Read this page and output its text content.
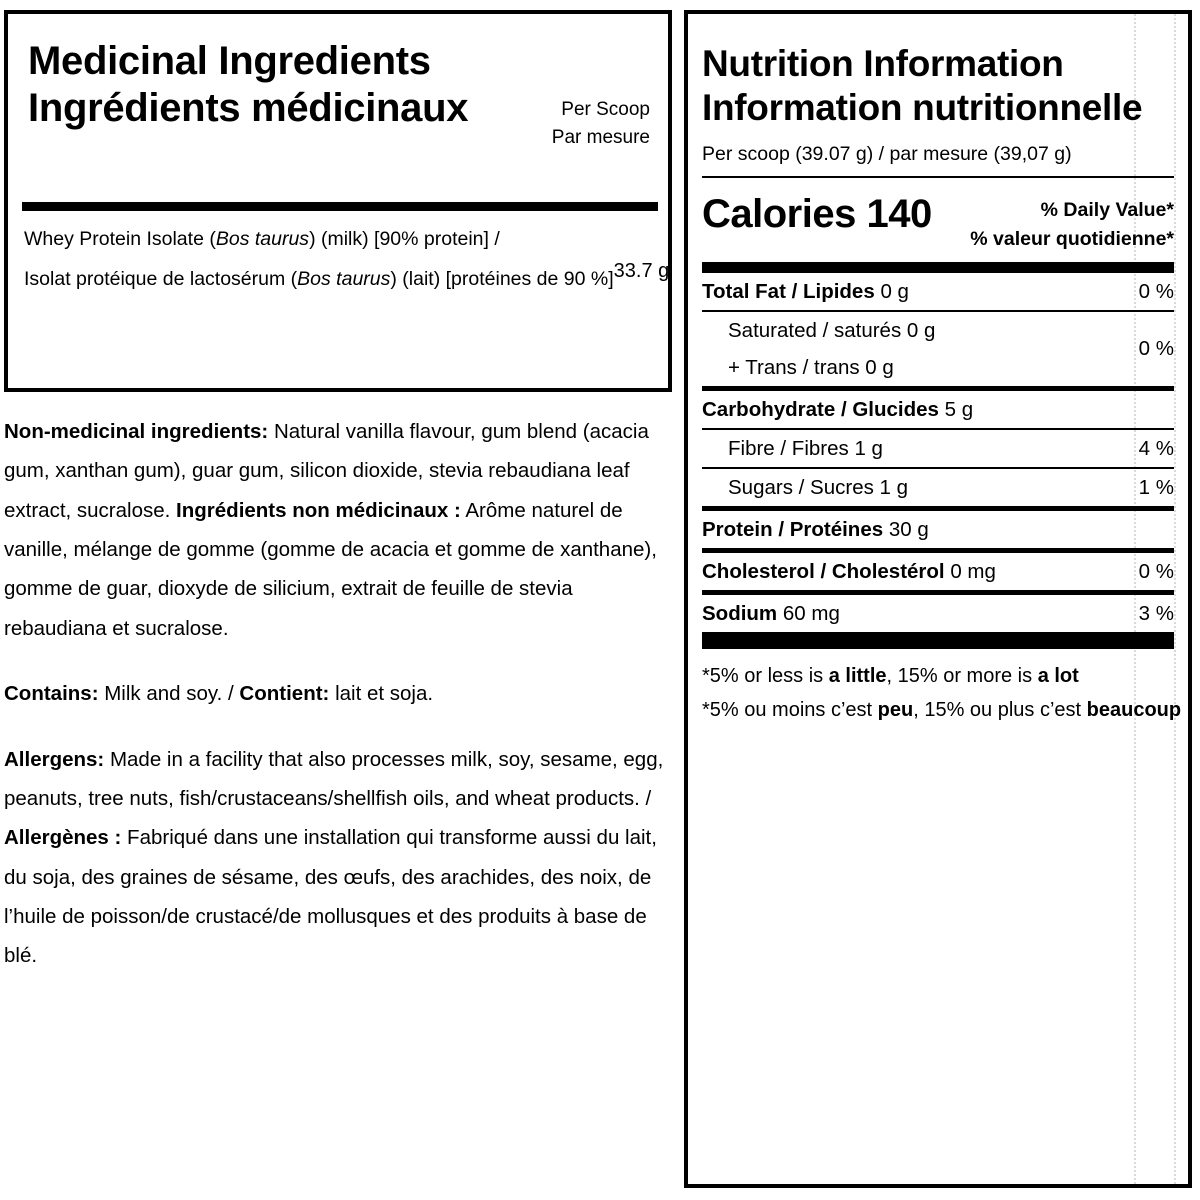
Medicinal Ingredients
Ingrédients médicinaux	Per Scoop
Par mesure
Whey Protein Isolate (Bos taurus) (milk) [90% protein] /
Isolat protéique de lactosérum (Bos taurus) (lait) [protéines de 90 %] 33.7 g

Non-medicinal ingredients: Natural vanilla flavour, gum blend (acacia gum, xanthan gum), guar gum, silicon dioxide, stevia rebaudiana leaf extract, sucralose. Ingrédients non médicinaux : Arôme naturel de vanille, mélange de gomme (gomme de acacia et gomme de xanthane), gomme de guar, dioxyde de silicium, extrait de feuille de stevia rebaudiana et sucralose.

Contains: Milk and soy. / Contient: lait et soja.

Allergens: Made in a facility that also processes milk, soy, sesame, egg, peanuts, tree nuts, fish/crustaceans/shellfish oils, and wheat products. / Allergènes : Fabriqué dans une installation qui transforme aussi du lait, du soja, des graines de sésame, des œufs, des arachides, des noix, de l’huile de poisson/de crustacé/de mollusques et des produits à base de blé.

Nutrition Information
Information nutritionnelle
Per scoop (39.07 g) / par mesure (39,07 g)
Calories 140	% Daily Value*
% valeur quotidienne*
Total Fat / Lipides 0 g	0 %
Saturated / saturés 0 g
+ Trans / trans 0 g
0 %
Carbohydrate / Glucides 5 g
Fibre / Fibres 1 g	4 %
Sugars / Sucres 1 g	1 %
Protein / Protéines 30 g
Cholesterol / Cholestérol 0 mg	0 %
Sodium 60 mg	3 %
*5% or less is a little, 15% or more is a lot
*5% ou moins c’est peu, 15% ou plus c’est beaucoup
